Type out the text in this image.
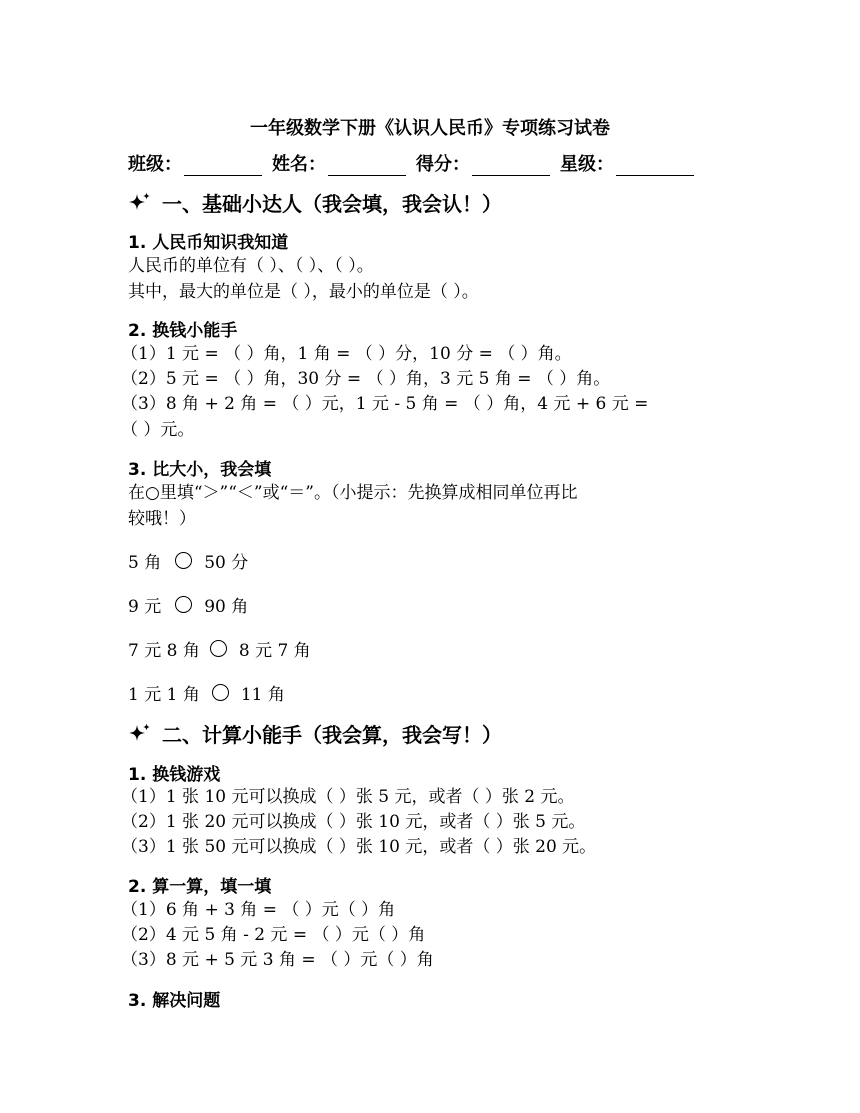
一年级数学下册《认识人民币》专项练习试卷
班级：	姓名：	得分：	星级：
一、基础小达人（我会填，我会认！）
1. 人民币知识我知道
人民币的单位有（ ）、（ ）、（ ）。
其中，最大的单位是（ ），最小的单位是（ ）。
2. 换钱小能手
（1）1 元 = （ ）角，1 角 = （ ）分，10 分 = （ ）角。
（2）5 元 = （ ）角，30 分 = （ ）角，3 元 5 角 = （ ）角。
（3）8 角 + 2 角 = （ ）元，1 元 - 5 角 = （ ）角，4 元 + 6 元 =
（ ）元。
3. 比大小，我会填
在○里填“＞”“＜”或“＝”。（小提示：先换算成相同单位再比
较哦！）
5 角	50 分
9 元	90 角
7 元 8 角 8 元 7 角
1 元 1 角 11 角
二、计算小能手（我会算，我会写！）
1. 换钱游戏
（1）1 张 10 元可以换成（ ）张 5 元，或者（ ）张 2 元。
（2）1 张 20 元可以换成（ ）张 10 元，或者（ ）张 5 元。
（3）1 张 50 元可以换成（ ）张 10 元，或者（ ）张 20 元。
2. 算一算，填一填
（1）6 角 + 3 角 = （ ）元（ ）角
（2）4 元 5 角 - 2 元 = （ ）元（ ）角
（3）8 元 + 5 元 3 角 = （ ）元（ ）角
3. 解决问题
